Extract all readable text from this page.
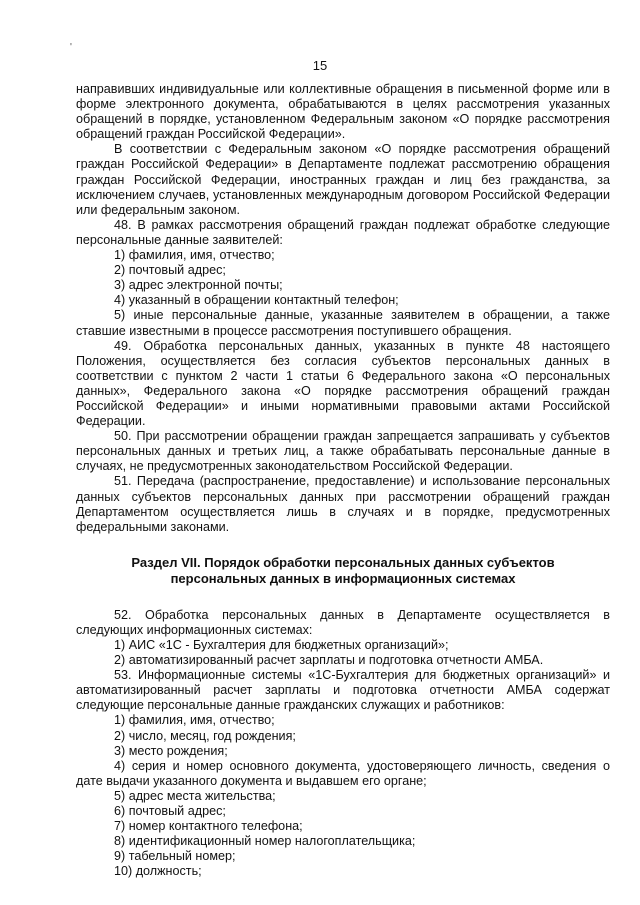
'
15

направивших индивидуальные или коллективные обращения в письменной форме или в форме электронного документа, обрабатываются в целях рассмотрения указанных обращений в порядке, установленном Федеральным законом «О порядке рассмотрения обращений граждан Российской Федерации».

В соответствии с Федеральным законом «О порядке рассмотрения обращений граждан Российской Федерации» в Департаменте подлежат рассмотрению обращения граждан Российской Федерации, иностранных граждан и лиц без гражданства, за исключением случаев, установленных международным договором Российской Федерации или федеральным законом.

48. В рамках рассмотрения обращений граждан подлежат обработке следующие персональные данные заявителей:

1) фамилия, имя, отчество;

2) почтовый адрес;

3) адрес электронной почты;

4) указанный в обращении контактный телефон;

5) иные персональные данные, указанные заявителем в обращении, а также ставшие известными в процессе рассмотрения поступившего обращения.

49. Обработка персональных данных, указанных в пункте 48 настоящего Положения, осуществляется без согласия субъектов персональных данных в соответствии с пунктом 2 части 1 статьи 6 Федерального закона «О персональных данных», Федерального закона «О порядке рассмотрения обращений граждан Российской Федерации» и иными нормативными правовыми актами Российской Федерации.

50. При рассмотрении обращении граждан запрещается запрашивать у субъектов персональных данных и третьих лиц, а также обрабатывать персональные данные в случаях, не предусмотренных законодательством Российской Федерации.

51. Передача (распространение, предоставление) и использование персональных данных субъектов персональных данных при рассмотрении обращений граждан Департаментом осуществляется лишь в случаях и в порядке, предусмотренных федеральными законами.

Раздел VII. Порядок обработки персональных данных субъектов
персональных данных в информационных системах

52. Обработка персональных данных в Департаменте осуществляется в следующих информационных системах:

1) АИС «1С - Бухгалтерия для бюджетных организаций»;

2) автоматизированный расчет зарплаты и подготовка отчетности АМБА.

53. Информационные системы «1С-Бухгалтерия для бюджетных организаций» и автоматизированный расчет зарплаты и подготовка отчетности АМБА содержат следующие персональные данные гражданских служащих и работников:

1) фамилия, имя, отчество;

2) число, месяц, год рождения;

3) место рождения;

4) серия и номер основного документа, удостоверяющего личность, сведения о дате выдачи указанного документа и выдавшем его органе;

5) адрес места жительства;

6) почтовый адрес;

7) номер контактного телефона;

8) идентификационный номер налогоплательщика;

9) табельный номер;

10) должность;
